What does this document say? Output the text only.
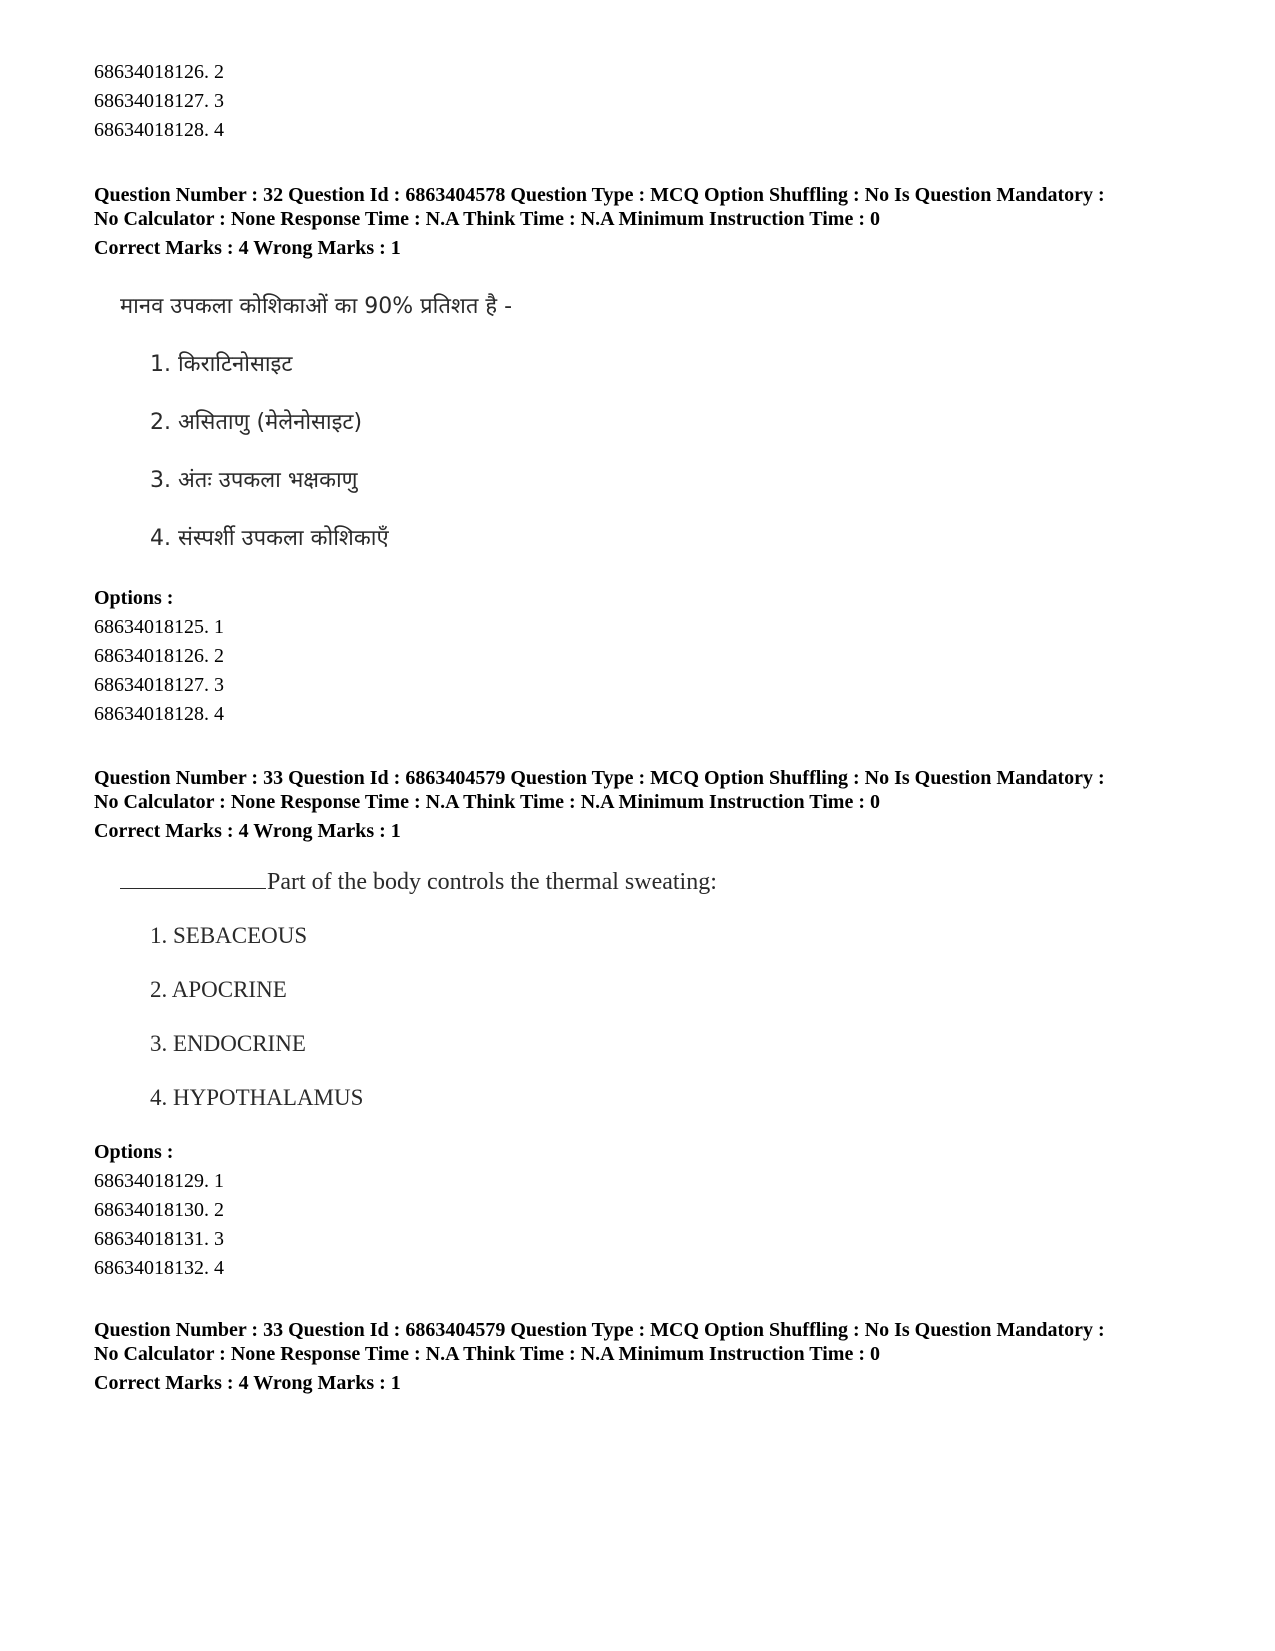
68634018126. 2
68634018127. 3
68634018128. 4
Question Number : 32 Question Id : 6863404578 Question Type : MCQ Option Shuffling : No Is Question Mandatory :
No Calculator : None Response Time : N.A Think Time : N.A Minimum Instruction Time : 0
Correct Marks : 4 Wrong Marks : 1
मानव उपकला कोशिकाओं का 90% प्रतिशत है -
1. किराटिनोसाइट
2. असिताणु (मेलेनोसाइट)
3. अंतः उपकला भक्षकाणु
4. संस्पर्शी उपकला कोशिकाएँ
Options :
68634018125. 1
68634018126. 2
68634018127. 3
68634018128. 4
Question Number : 33 Question Id : 6863404579 Question Type : MCQ Option Shuffling : No Is Question Mandatory :
No Calculator : None Response Time : N.A Think Time : N.A Minimum Instruction Time : 0
Correct Marks : 4 Wrong Marks : 1
Part of the body controls the thermal sweating:
1. SEBACEOUS
2. APOCRINE
3. ENDOCRINE
4. HYPOTHALAMUS
Options :
68634018129. 1
68634018130. 2
68634018131. 3
68634018132. 4
Question Number : 33 Question Id : 6863404579 Question Type : MCQ Option Shuffling : No Is Question Mandatory :
No Calculator : None Response Time : N.A Think Time : N.A Minimum Instruction Time : 0
Correct Marks : 4 Wrong Marks : 1
